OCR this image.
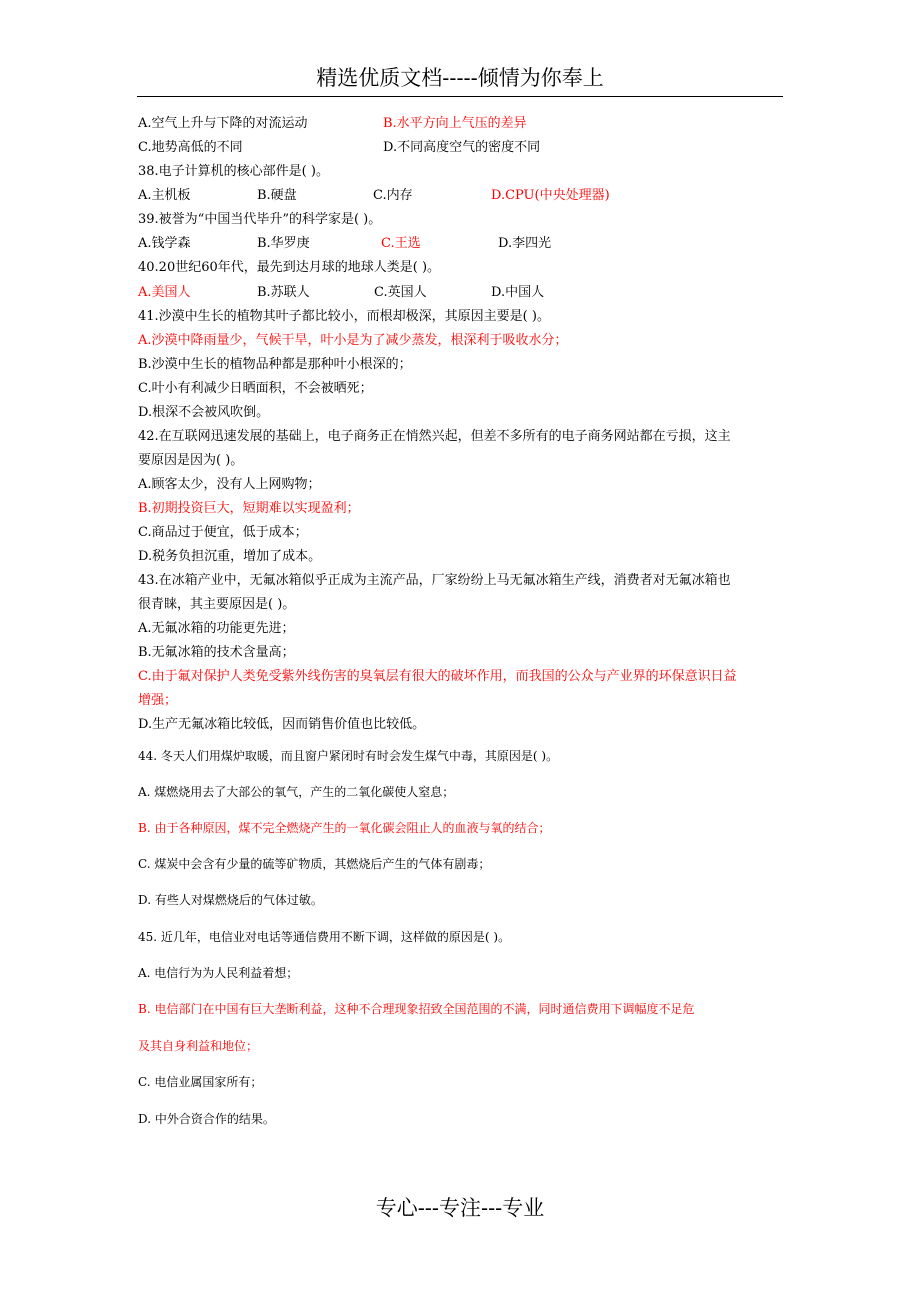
精选优质文档-----倾情为你奉上
A.空气上升与下降的对流运动	B.水平方向上气压的差异
C.地势高低的不同	D.不同高度空气的密度不同
38.电子计算机的核心部件是( )。
A.主机板	B.硬盘	C.内存	D.CPU(中央处理器)
39.被誉为“中国当代毕升”的科学家是( )。
A.钱学森	B.华罗庚	C.王选	D.李四光
40.20世纪60年代，最先到达月球的地球人类是( )。
A.美国人	B.苏联人	C.英国人	D.中国人
41.沙漠中生长的植物其叶子都比较小，而根却极深，其原因主要是( )。
A.沙漠中降雨量少，气候干旱，叶小是为了减少蒸发，根深利于吸收水分；
B.沙漠中生长的植物品种都是那种叶小根深的；
C.叶小有利减少日晒面积，不会被晒死；
D.根深不会被风吹倒。
42.在互联网迅速发展的基础上，电子商务正在悄然兴起，但差不多所有的电子商务网站都在亏损，这主
要原因是因为( )。
A.顾客太少，没有人上网购物；
B.初期投资巨大，短期难以实现盈利；
C.商品过于便宜，低于成本；
D.税务负担沉重，增加了成本。
43.在冰箱产业中，无氟冰箱似乎正成为主流产品，厂家纷纷上马无氟冰箱生产线，消费者对无氟冰箱也
很青睐，其主要原因是( )。
A.无氟冰箱的功能更先进；
B.无氟冰箱的技术含量高；
C.由于氟对保护人类免受紫外线伤害的臭氧层有很大的破坏作用，而我国的公众与产业界的环保意识日益
增强；
D.生产无氟冰箱比较低，因而销售价值也比较低。
44. 冬天人们用煤炉取暖，而且窗户紧闭时有时会发生煤气中毒，其原因是( )。
A. 煤燃烧用去了大部公的氧气，产生的二氧化碳使人窒息；
B. 由于各种原因，煤不完全燃烧产生的一氧化碳会阻止人的血液与氧的结合；
C. 煤炭中会含有少量的硫等矿物质，其燃烧后产生的气体有剧毒；
D. 有些人对煤燃烧后的气体过敏。
45. 近几年，电信业对电话等通信费用不断下调，这样做的原因是( )。
A. 电信行为为人民利益着想；
B. 电信部门在中国有巨大垄断利益，这种不合理现象招致全国范围的不满，同时通信费用下调幅度不足危
及其自身利益和地位；
C. 电信业属国家所有；
D. 中外合资合作的结果。
专心---专注---专业
